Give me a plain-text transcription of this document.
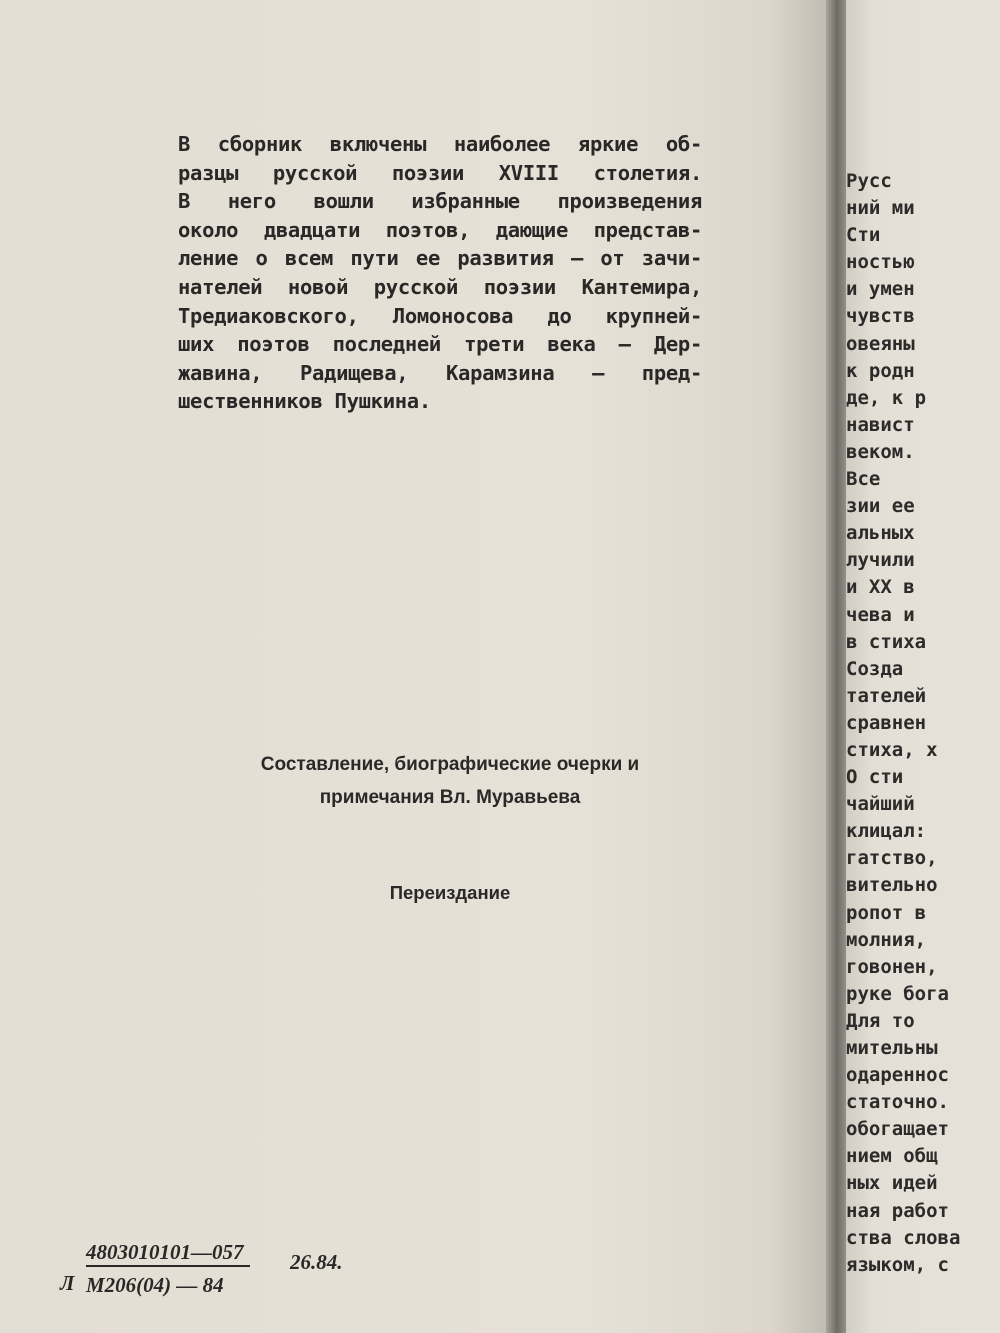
В сборник включены наиболее яркие об-
разцы русской поэзии XVIII столетия.
В него вошли избранные произведения
около двадцати поэтов, дающие представ-
ление о всем пути ее развития — от зачи-
нателей новой русской поэзии Кантемира,
Тредиаковского, Ломоносова до крупней-
ших поэтов последней трети века — Дер-
жавина, Радищева, Карамзина — пред-
шественников Пушкина.
Составление, биографические очерки и
примечания Вл. Муравьева
Переиздание
Л
4803010101—057
М206(04) — 84
26.84.
Русс
ний ми
Сти
ностью
и умен
чувств
овеяны
к родн
де, к р
навист
веком.
Все
зии ее
альных
лучили
и XX в
чева и
в стиха
Созда
тателей
сравнен
стиха, х
О сти
чайший
клицал:
гатство,
вительно
ропот в
молния,
говонен,
руке бога
Для то
мительны
одареннос
статочно.
обогащает
нием общ
ных идей
ная работ
ства слова
языком, с
